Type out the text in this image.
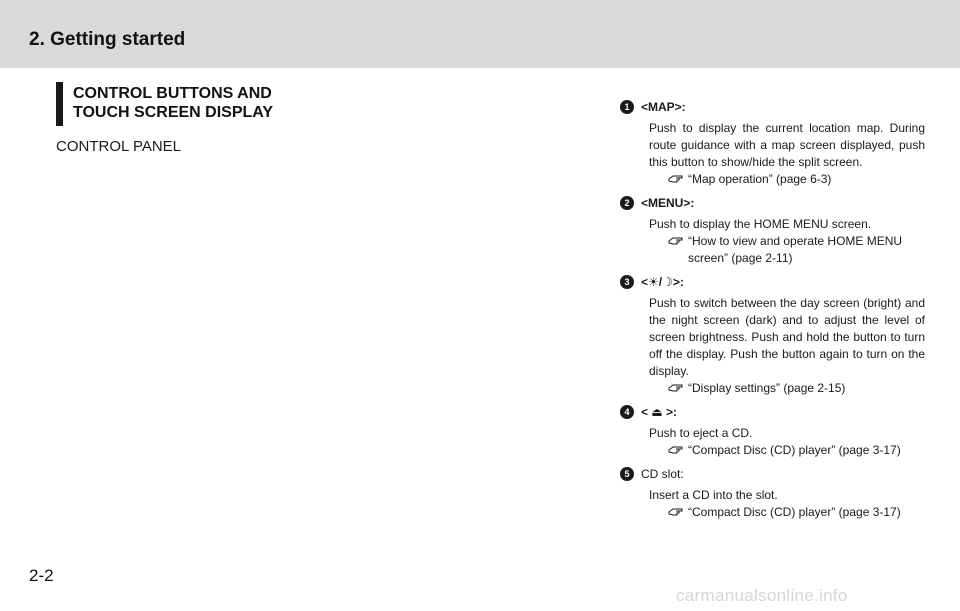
2. Getting started
CONTROL BUTTONS AND
TOUCH SCREEN DISPLAY
CONTROL PANEL
1 <MAP>:
Push to display the current location map. During route guidance with a map screen displayed, push this button to show/hide the split screen.
“Map operation” (page 6-3)
2 <MENU>:
Push to display the HOME MENU screen.
“How to view and operate HOME MENU screen” (page 2-11)
3 <☀/☽>:
Push to switch between the day screen (bright) and the night screen (dark) and to adjust the level of screen brightness. Push and hold the button to turn off the display. Push the button again to turn on the display.
“Display settings” (page 2-15)
4 < ⏏ >:
Push to eject a CD.
“Compact Disc (CD) player” (page 3-17)
5 CD slot:
Insert a CD into the slot.
“Compact Disc (CD) player” (page 3-17)
2-2
carmanualsonline.info
